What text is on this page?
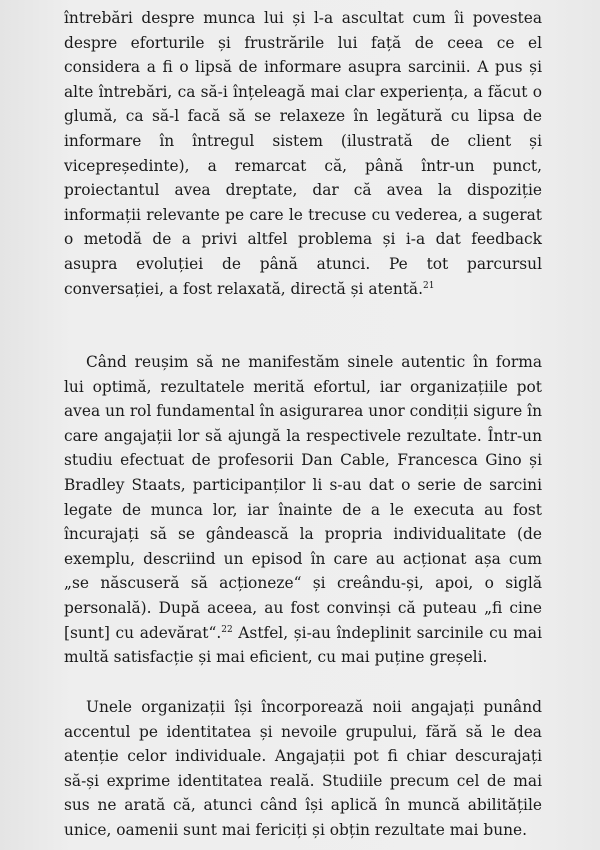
întrebări despre munca lui și l-a ascultat cum îi povestea despre eforturile și frustrările lui față de ceea ce el considera a fi o lipsă de informare asupra sarcinii. A pus și alte întrebări, ca să-i înțeleagă mai clar experiența, a făcut o glumă, ca să-l facă să se relaxeze în legătură cu lipsa de informare în întregul sistem (ilustrată de client și vicepreședinte), a remarcat că, până într-un punct, proiectantul avea dreptate, dar că avea la dispoziție informații relevante pe care le trecuse cu vederea, a sugerat o metodă de a privi altfel problema și i-a dat feedback asupra evoluției de până atunci. Pe tot parcursul conversației, a fost relaxată, directă și atentă.$^{21}$

Când reușim să ne manifestăm sinele autentic în forma lui optimă, rezultatele merită efortul, iar organizațiile pot avea un rol fundamental în asigurarea unor condiții sigure în care angajații lor să ajungă la respectivele rezultate. Într-un studiu efectuat de profesorii Dan Cable, Francesca Gino și Bradley Staats, participanților li s-au dat o serie de sarcini legate de munca lor, iar înainte de a le executa au fost încurajați să se gândească la propria individualitate (de exemplu, descriind un episod în care au acționat așa cum „se născuseră să acționeze“ și creându-și, apoi, o siglă personală). După aceea, au fost convinși că puteau „fi cine [sunt] cu adevărat“.$^{22}$ Astfel, și-au îndeplinit sarcinile cu mai multă satisfacție și mai eficient, cu mai puține greșeli.

Unele organizații își încorporează noii angajați punând accentul pe identitatea și nevoile grupului, fără să le dea atenție celor individuale. Angajații pot fi chiar descurajați să-și exprime identitatea reală. Studiile precum cel de mai sus ne arată că, atunci când își aplică în muncă abilitățile unice, oamenii sunt mai fericiți și obțin rezultate mai bune.
